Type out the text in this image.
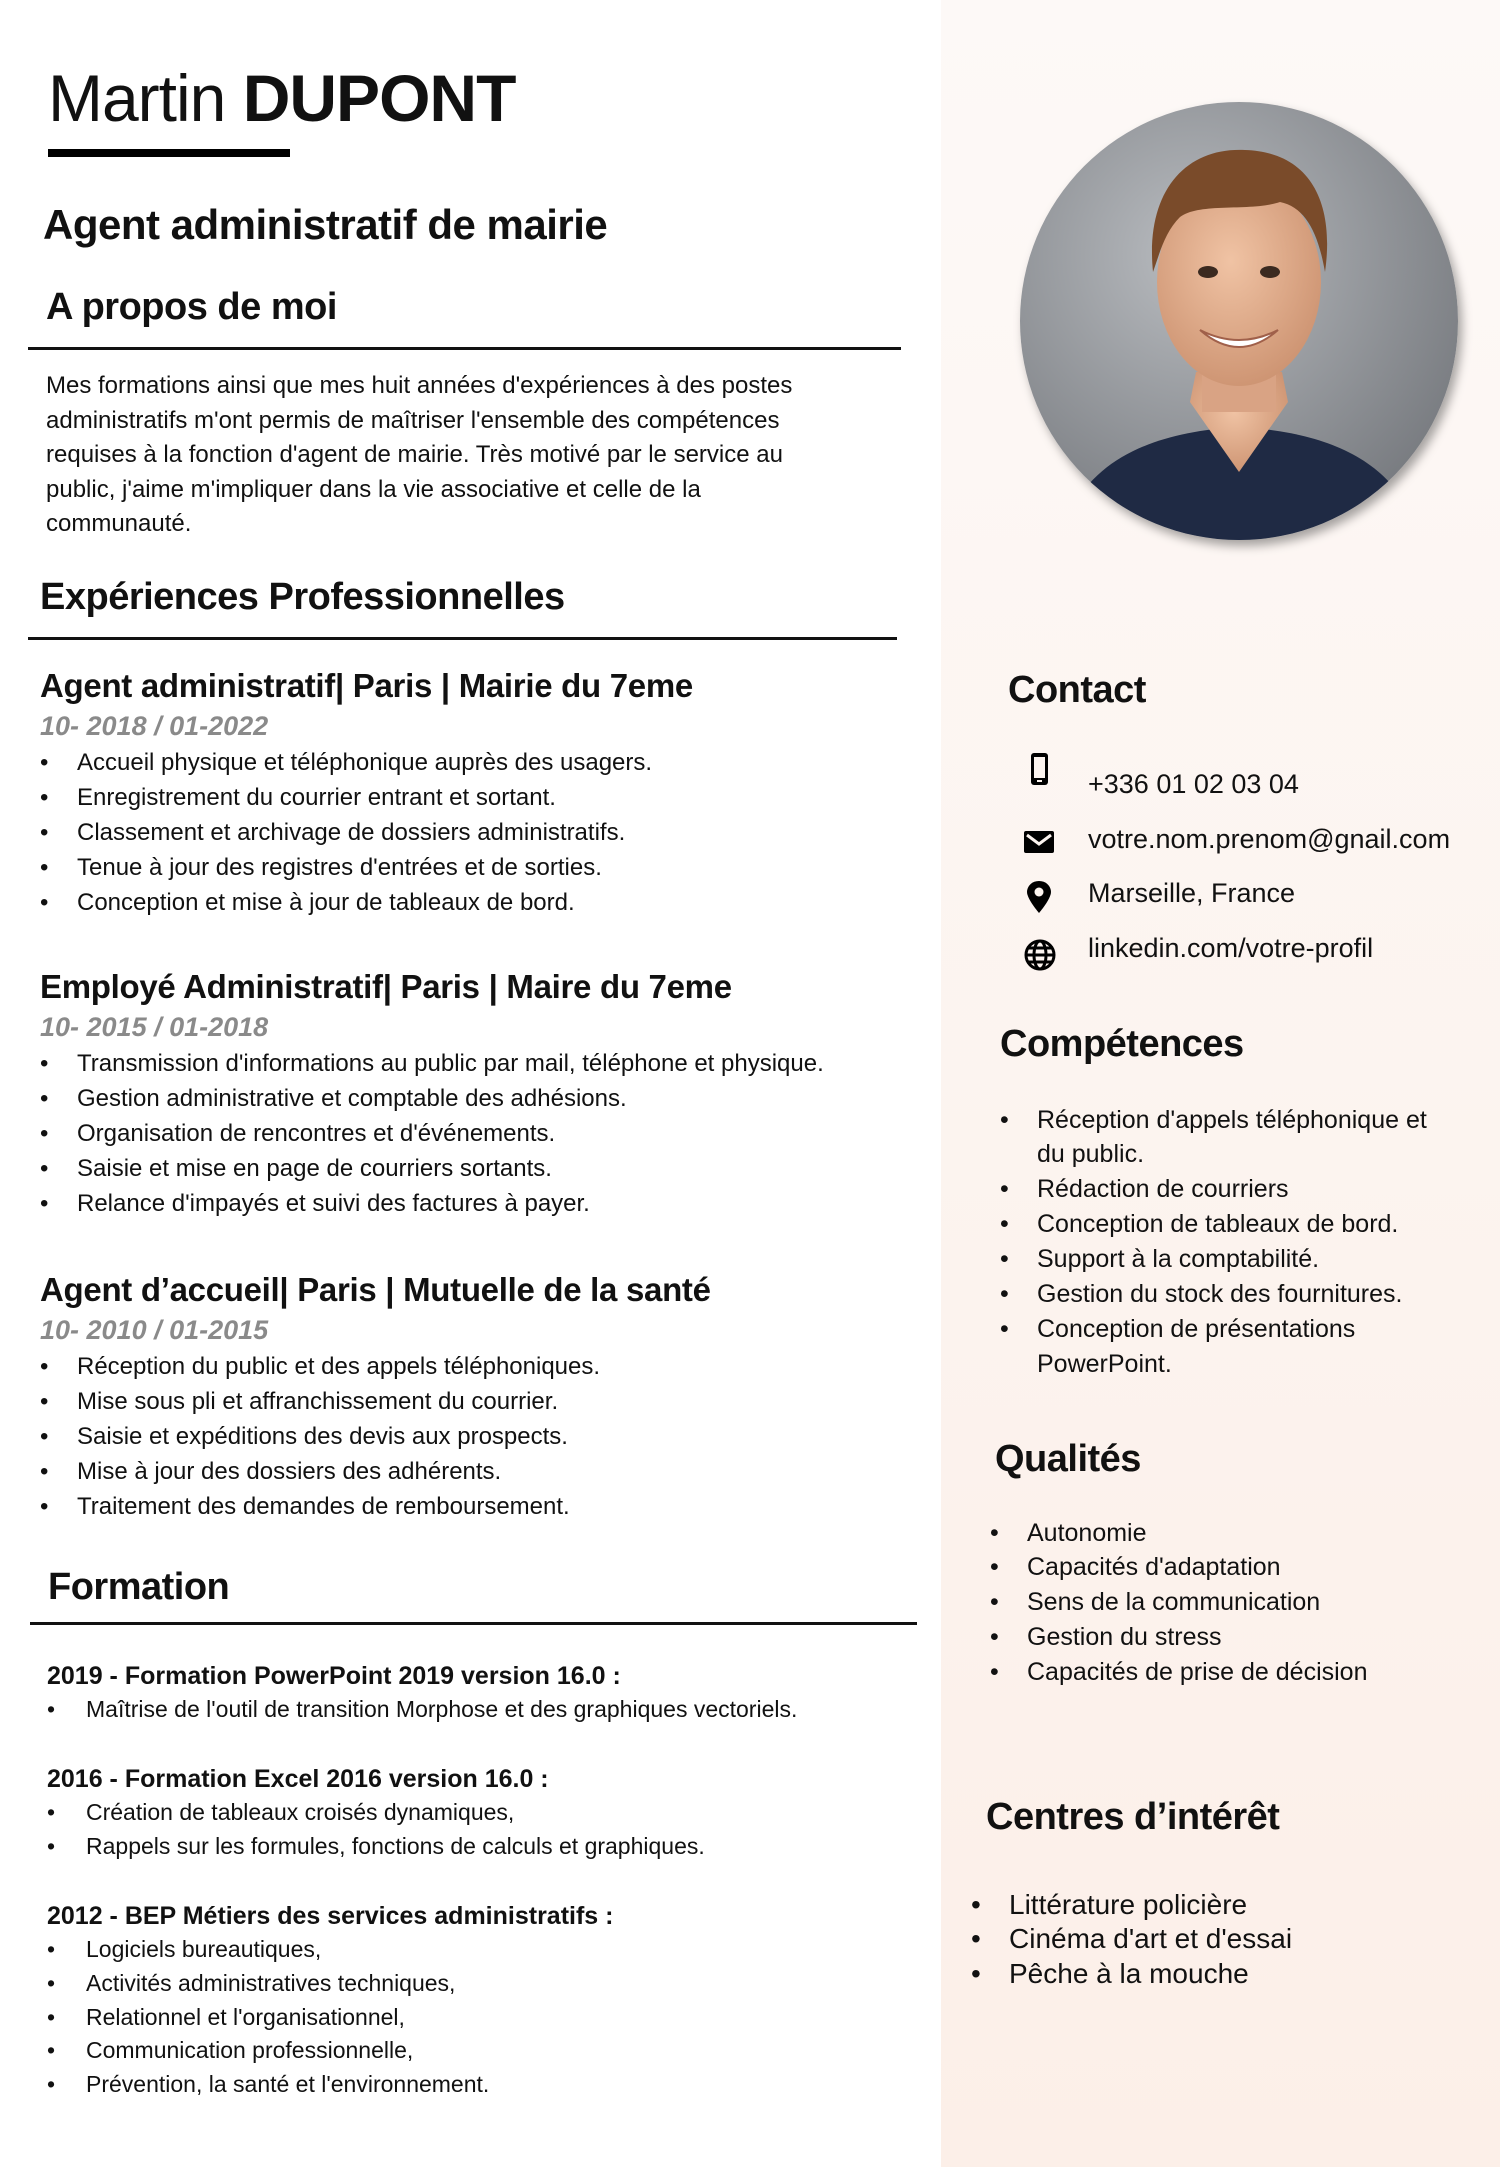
Martin DUPONT
Agent administratif de mairie
A propos de moi
Mes formations ainsi que mes huit années d'expériences à des postes
administratifs m'ont permis de maîtriser l'ensemble des compétences
requises à la fonction d'agent de mairie. Très motivé par le service au
public, j'aime m'impliquer dans la vie associative et celle de la
communauté.
Expériences Professionnelles
Agent administratif| Paris | Mairie du 7eme
10- 2018 / 01-2022
• Accueil physique et téléphonique auprès des usagers.
• Enregistrement du courrier entrant et sortant.
• Classement et archivage de dossiers administratifs.
• Tenue à jour des registres d'entrées et de sorties.
• Conception et mise à jour de tableaux de bord.
Employé Administratif| Paris | Maire du 7eme
10- 2015 / 01-2018
• Transmission d'informations au public par mail, téléphone et physique.
• Gestion administrative et comptable des adhésions.
• Organisation de rencontres et d'événements.
• Saisie et mise en page de courriers sortants.
• Relance d'impayés et suivi des factures à payer.
Agent d’accueil| Paris | Mutuelle de la santé
10- 2010 / 01-2015
• Réception du public et des appels téléphoniques.
• Mise sous pli et affranchissement du courrier.
• Saisie et expéditions des devis aux prospects.
• Mise à jour des dossiers des adhérents.
• Traitement des demandes de remboursement.
Formation
2019 - Formation PowerPoint 2019 version 16.0 :
• Maîtrise de l'outil de transition Morphose et des graphiques vectoriels.
2016 - Formation Excel 2016 version 16.0 :
• Création de tableaux croisés dynamiques,
• Rappels sur les formules, fonctions de calculs et graphiques.
2012 - BEP Métiers des services administratifs :
• Logiciels bureautiques,
• Activités administratives techniques,
• Relationnel et l'organisationnel,
• Communication professionnelle,
• Prévention, la santé et l'environnement.
Contact
+336 01 02 03 04
votre.nom.prenom@gnail.com
Marseille, France
linkedin.com/votre-profil
Compétences
• Réception d'appels téléphonique et
du public.
• Rédaction de courriers
• Conception de tableaux de bord.
• Support à la comptabilité.
• Gestion du stock des fournitures.
• Conception de présentations
PowerPoint.
Qualités
• Autonomie
• Capacités d'adaptation
• Sens de la communication
• Gestion du stress
• Capacités de prise de décision
Centres d’intérêt
• Littérature policière
• Cinéma d'art et d'essai
• Pêche à la mouche
